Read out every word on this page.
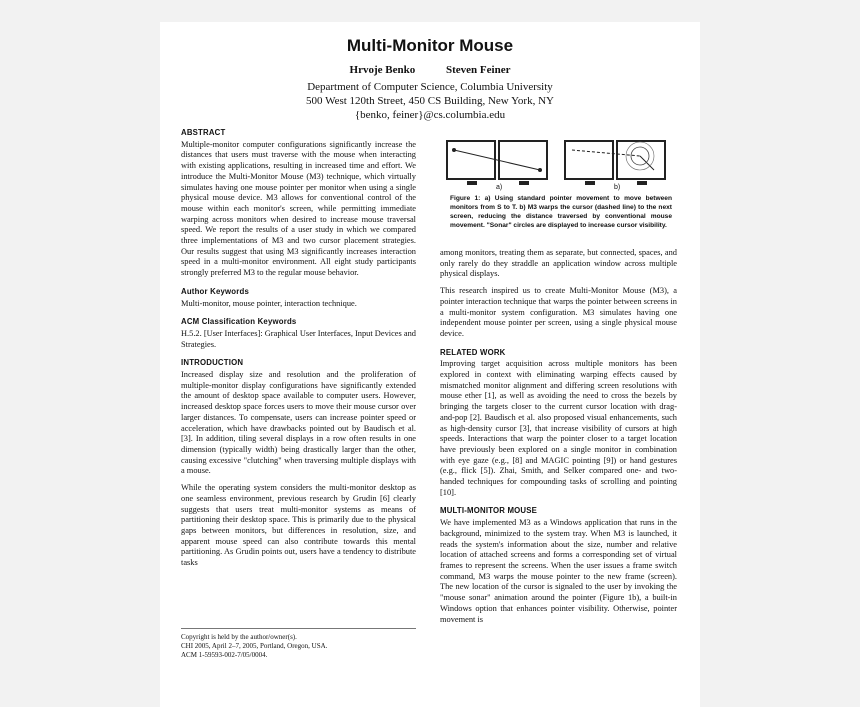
Multi-Monitor Mouse
Hrvoje Benko	Steven Feiner
Department of Computer Science, Columbia University
500 West 120th Street, 450 CS Building, New York, NY
{benko, feiner}@cs.columbia.edu
ABSTRACT

Multiple-monitor computer configurations significantly increase the distances that users must traverse with the mouse when interacting with existing applications, resulting in increased time and effort. We introduce the Multi-Monitor Mouse (M3) technique, which virtually simulates having one mouse pointer per monitor when using a single physical mouse device. M3 allows for conventional control of the mouse within each monitor's screen, while permitting immediate warping across monitors when desired to increase mouse traversal speed. We report the results of a user study in which we compared three implementations of M3 and two cursor placement strategies. Our results suggest that using M3 significantly increases interaction speed in a multi-monitor environment. All eight study participants strongly preferred M3 to the regular mouse behavior.

Author Keywords

Multi-monitor, mouse pointer, interaction technique.

ACM Classification Keywords

H.5.2. [User Interfaces]: Graphical User Interfaces, Input Devices and Strategies.

INTRODUCTION

Increased display size and resolution and the proliferation of multiple-monitor display configurations have significantly extended the amount of desktop space available to computer users. However, increased desktop space forces users to move their mouse cursor over larger distances. To compensate, users can increase pointer speed or acceleration, which have drawbacks pointed out by Baudisch et al. [3]. In addition, tiling several displays in a row often results in one dimension (typically width) being drastically larger than the other, causing excessive "clutching" when traversing multiple displays with a mouse.

While the operating system considers the multi-monitor desktop as one seamless environment, previous research by Grudin [6] clearly suggests that users treat multi-monitor systems as means of partitioning their desktop space. This is primarily due to the physical gaps between monitors, but differences in resolution, size, and apparent mouse speed can also contribute towards this mental partitioning. As Grudin points out, users have a tendency to distribute tasks

a)	b)
Figure 1: a) Using standard pointer movement to move between monitors from S to T. b) M3 warps the cursor (dashed line) to the next screen, reducing the distance traversed by conventional mouse movement. "Sonar" circles are displayed to increase cursor visibility.

among monitors, treating them as separate, but connected, spaces, and only rarely do they straddle an application window across multiple physical displays.

This research inspired us to create Multi-Monitor Mouse (M3), a pointer interaction technique that warps the pointer between screens in a multi-monitor system configuration. M3 simulates having one independent mouse pointer per screen, using a single physical mouse device.

RELATED WORK

Improving target acquisition across multiple monitors has been explored in context with eliminating warping effects caused by mismatched monitor alignment and differing screen resolutions with mouse ether [1], as well as avoiding the need to cross the bezels by bringing the targets closer to the current cursor location with drag-and-pop [2]. Baudisch et al. also proposed visual enhancements, such as high-density cursor [3], that increase visibility of cursors at high speeds. Interactions that warp the pointer closer to a target location have previously been explored on a single monitor in combination with eye gaze (e.g., [8] and MAGIC pointing [9]) or hand gestures (e.g., flick [5]). Zhai, Smith, and Selker compared one- and two-handed techniques for compounding tasks of scrolling and pointing [10].

MULTI-MONITOR MOUSE

We have implemented M3 as a Windows application that runs in the background, minimized to the system tray. When M3 is launched, it reads the system's information about the size, number and relative location of attached screens and forms a corresponding set of virtual frames to represent the screens. When the user issues a frame switch command, M3 warps the mouse pointer to the new frame (screen). The new location of the cursor is signaled to the user by invoking the "mouse sonar" animation around the pointer (Figure 1b), a built-in Windows option that enhances pointer visibility. Otherwise, pointer movement is

Copyright is held by the author/owner(s).
CHI 2005, April 2–7, 2005, Portland, Oregon, USA.
ACM 1-59593-002-7/05/0004.
